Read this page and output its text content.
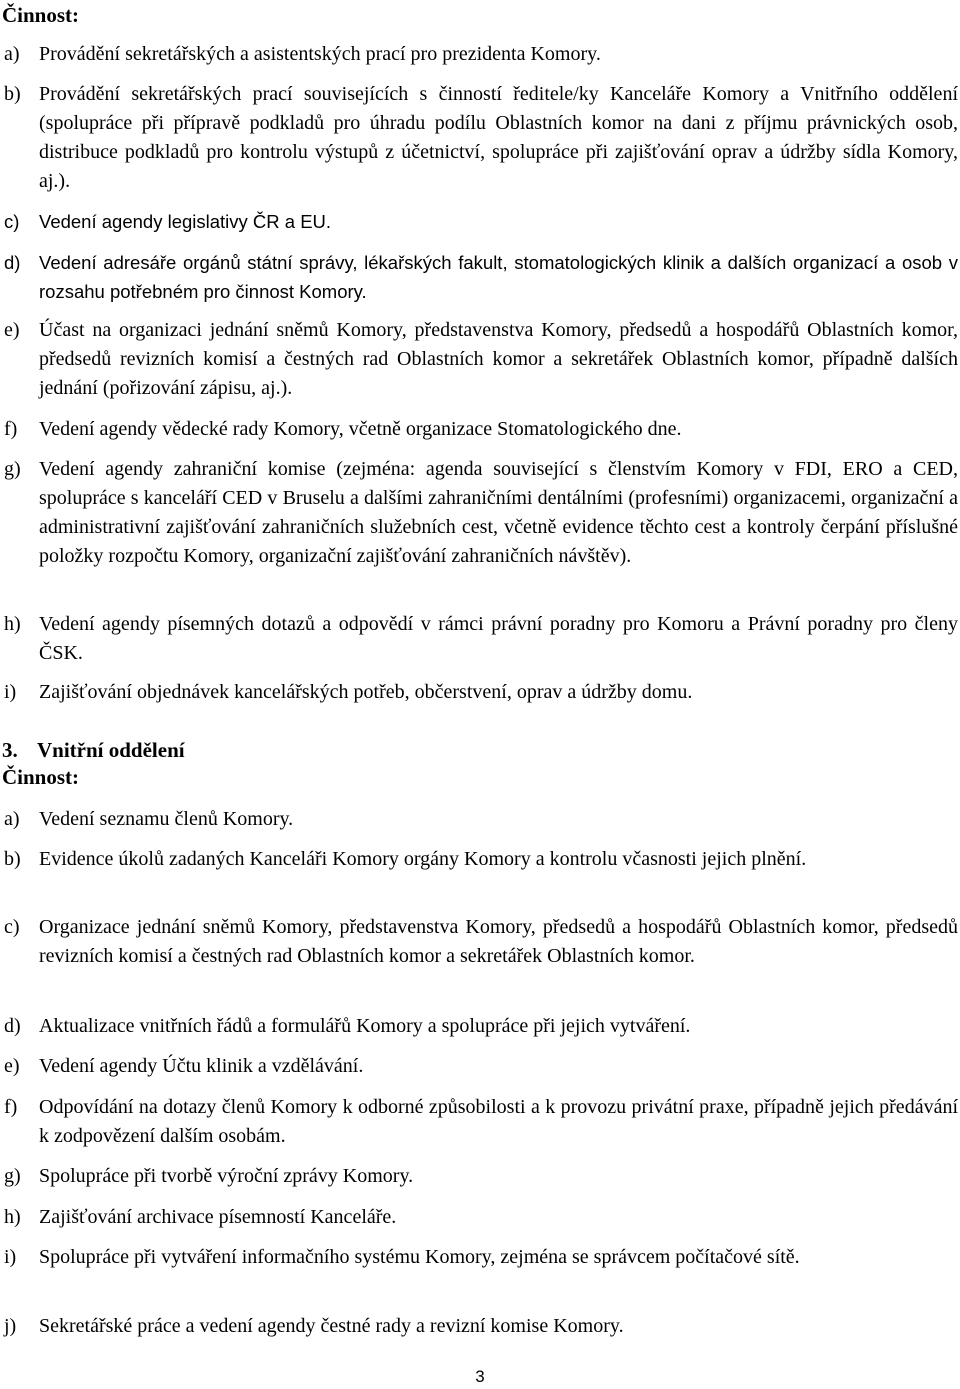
Činnost:
a) Provádění sekretářských a asistentských prací pro prezidenta Komory.
b) Provádění sekretářských prací souvisejících s činností ředitele/ky Kanceláře Komory a Vnitřního oddělení (spolupráce při přípravě podkladů pro úhradu podílu Oblastních komor na dani z příjmu právnických osob, distribuce podkladů pro kontrolu výstupů z účetnictví, spolupráce při zajišťování oprav a údržby sídla Komory, aj.).
c) Vedení agendy legislativy ČR a EU.
d) Vedení adresáře orgánů státní správy, lékařských fakult, stomatologických klinik a dalších organizací a osob v rozsahu potřebném pro činnost Komory.
e) Účast na organizaci jednání sněmů Komory, představenstva Komory, předsedů a hospodářů Oblastních komor, předsedů revizních komisí a čestných rad Oblastních komor a sekretářek Oblastních komor, případně dalších jednání (pořizování zápisu, aj.).
f) Vedení agendy vědecké rady Komory, včetně organizace Stomatologického dne.
g) Vedení agendy zahraniční komise (zejména: agenda související s členstvím Komory v FDI, ERO a CED, spolupráce s kanceláří CED v Bruselu a dalšími zahraničními dentálními (profesními) organizacemi, organizační a administrativní zajišťování zahraničních služebních cest, včetně evidence těchto cest a kontroly čerpání příslušné položky rozpočtu Komory, organizační zajišťování zahraničních návštěv).
h) Vedení agendy písemných dotazů a odpovědí v rámci právní poradny pro Komoru a Právní poradny pro členy ČSK.
i) Zajišťování objednávek kancelářských potřeb, občerstvení, oprav a údržby domu.
3. Vnitřní oddělení
Činnost:
a) Vedení seznamu členů Komory.
b) Evidence úkolů zadaných Kanceláři Komory orgány Komory a kontrolu včasnosti jejich plnění.
c) Organizace jednání sněmů Komory, představenstva Komory, předsedů a hospodářů Oblastních komor, předsedů revizních komisí a čestných rad Oblastních komor a sekretářek Oblastních komor.
d) Aktualizace vnitřních řádů a formulářů Komory a spolupráce při jejich vytváření.
e) Vedení agendy Účtu klinik a vzdělávání.
f) Odpovídání na dotazy členů Komory k odborné způsobilosti a k provozu privátní praxe, případně jejich předávání k zodpovězení dalším osobám.
g) Spolupráce při tvorbě výroční zprávy Komory.
h) Zajišťování archivace písemností Kanceláře.
i) Spolupráce při vytváření informačního systému Komory, zejména se správcem počítačové sítě.
j) Sekretářské práce a vedení agendy čestné rady a revizní komise Komory.
3
